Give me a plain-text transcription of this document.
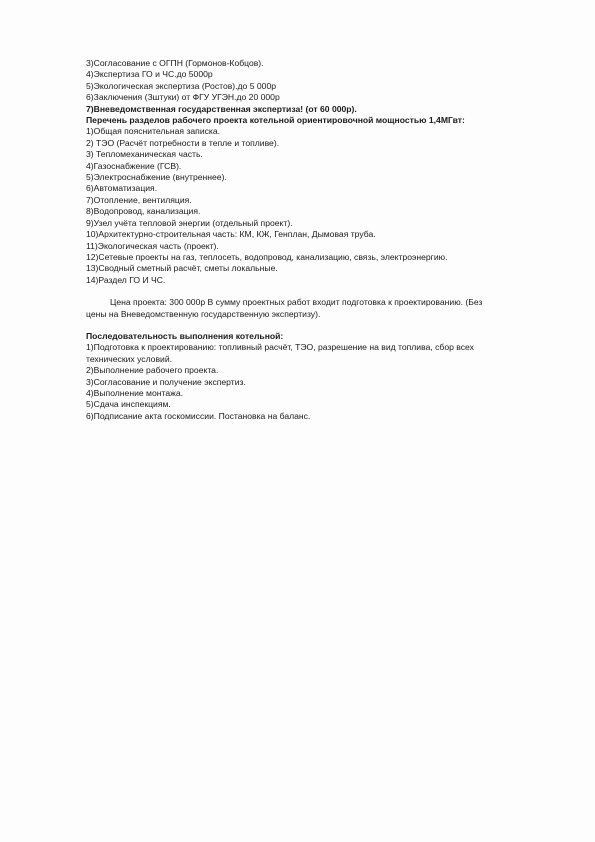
3)Согласование с ОГПН (Гормонов-Кобцов).
4)Экспертиза ГО и ЧС.до 5000р
5)Экологическая экспертиза (Ростов).до 5 000р
6)Заключения (Зштуки) от ФГУ УГЭН.до 20 000р
7)Вневедомственная государственная экспертиза! (от 60 000р).
Перечень разделов рабочего проекта котельной ориентировочной мощностью 1,4МГвт:
1)Общая пояснительная записка.
2) ТЭО (Расчёт потребности в тепле и топливе).
3) Тепломеханическая часть.
4)Газоснабжение (ГСВ).
5)Электроснабжение (внутреннее).
6)Автоматизация.
7)Отопление, вентиляция.
8)Водопровод, канализация.
9)Узел учёта тепловой энергии (отдельный проект).
10)Архитектурно-строительная часть: КМ, КЖ, Генплан, Дымовая труба.
11)Экологическая часть (проект).
12)Сетевые проекты на газ, теплосеть, водопровод, канализацию, связь, электроэнергию.
13)Сводный сметный расчёт, сметы локальные.
14)Раздел ГО И ЧС.
Цена проекта: 300 000р В сумму проектных работ входит подготовка к проектированию. (Без
цены на Вневедомственную государственную экспертизу).
Последовательность выполнения котельной:
1)Подготовка к проектированию: топливный расчёт, ТЭО, разрешение на вид топлива, сбор всех
технических условий.
2)Выполнение рабочего проекта.
3)Согласование и получение экспертиз.
4)Выполнение монтажа.
5)Сдача инспекциям.
6)Подписание акта госкомиссии. Постановка на баланс.
